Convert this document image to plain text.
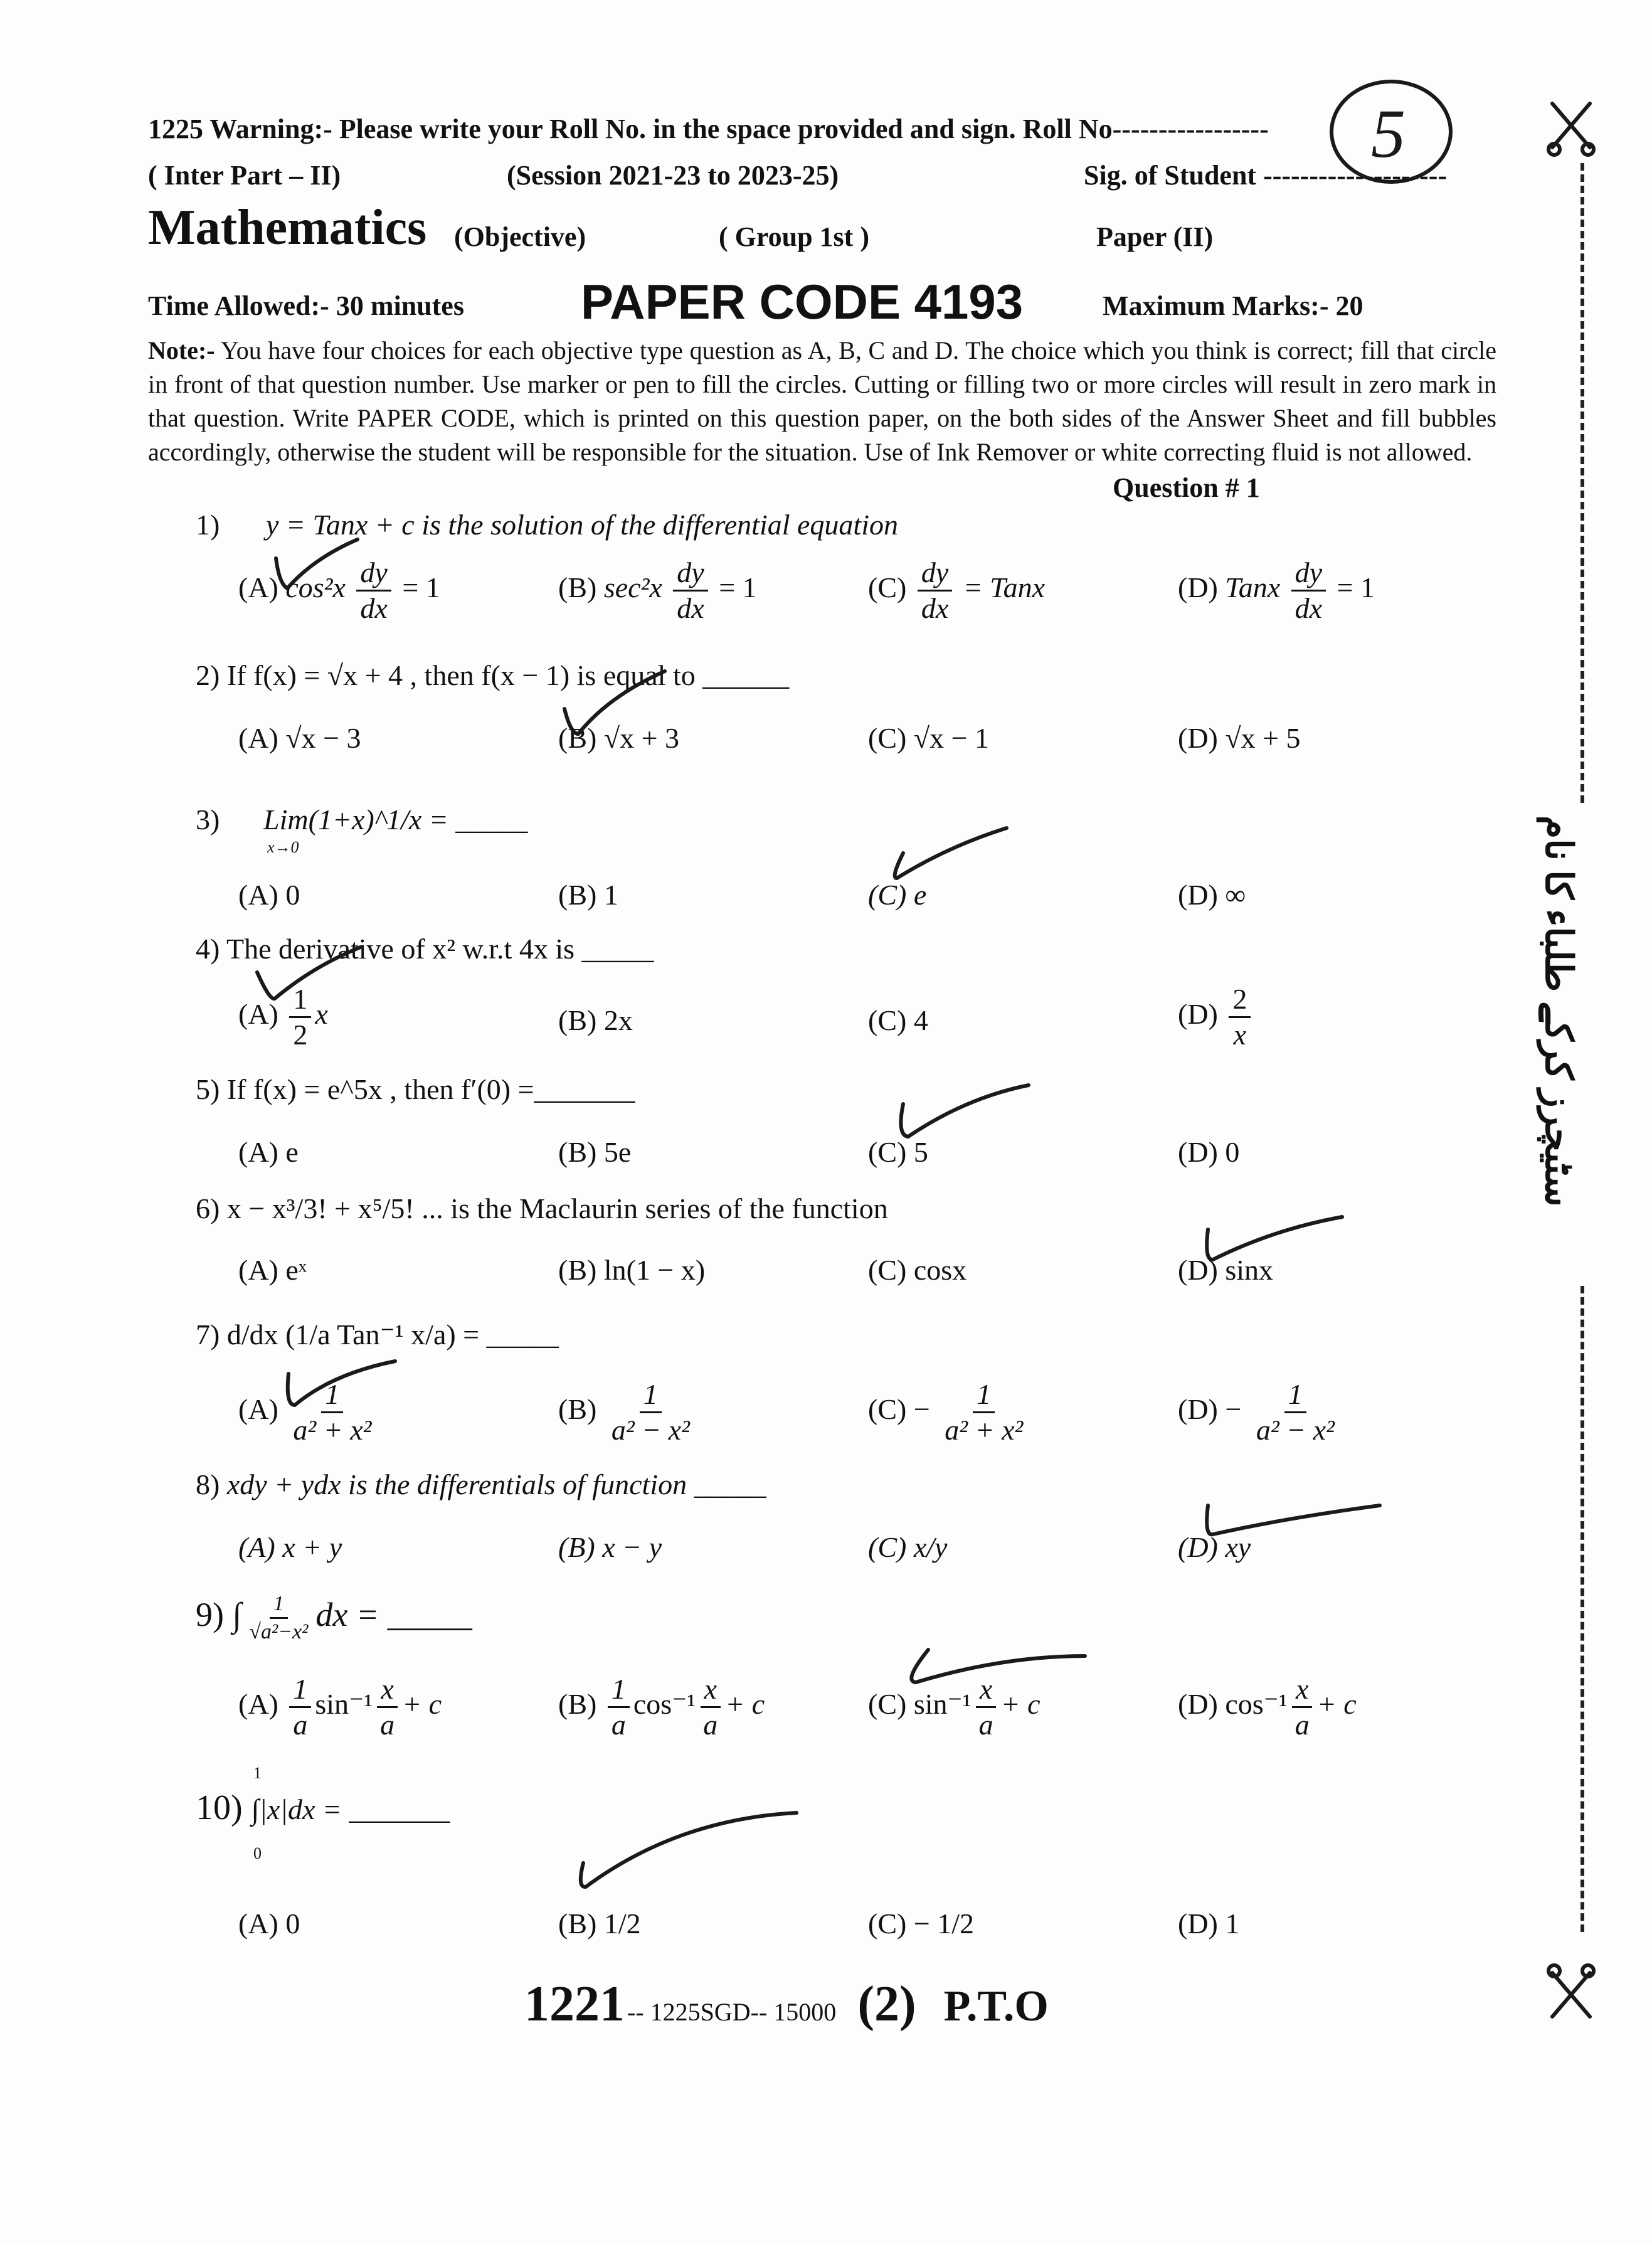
1225 Warning:- Please write your Roll No. in the space provided and sign. Roll No-----------------
( Inter Part – II)	(Session 2021-23 to 2023-25)	Sig. of Student --------------------
Mathematics (Objective)	( Group 1st )	Paper (II)
Time Allowed:- 30 minutes PAPER CODE 4193	Maximum Marks:- 20
5
Note:- You have four choices for each objective type question as A, B, C and D. The choice which you think is correct; fill that circle in front of that question number. Use marker or pen to fill the circles. Cutting or filling two or more circles will result in zero mark in that question. Write PAPER CODE, which is printed on this question paper, on the both sides of the Answer Sheet and fill bubbles accordingly, otherwise the student will be responsible for the situation. Use of Ink Remover or white correcting fluid is not allowed.
Question # 1
1) y = Tanx + c is the solution of the differential equation
(A) $\cos^2x \frac{dy}{dx} = 1$	(B) $\sec^2x \frac{dy}{dx} = 1$	$(C) \frac{dy}{dx}$ = Tanx	(D) Tanx $\frac{dy}{dx} = 1$
2) If f(x) = √x + 4 , then f(x − 1) is equal to ______
(A) √x − 3	(B) √x + 3	(C) √x − 1	(D) √x + 5
3) Lim(1+x)^1/x = _____
x→0
(A) 0	(B) 1	(C) e	(D) ∞
4) The derivative of x² w.r.t 4x is _____
$(A) \frac{1}{2}$ x	(B) 2x	(C) 4	$(D) \frac{2}{x}$
5) If f(x) = e^5x , then f′(0) =_______
(A) e	(B) 5e	(C) 5	(D) 0
6) x − x³/3! + x⁵/5! ... is the Maclaurin series of the function
(A) eˣ	(B) ln(1 − x)	(C) cosx	(D) sinx
7) d/dx (1/a Tan⁻¹ x/a) = _____
$(A) \frac{1}{\text{a² + x²}}$	$(B) \frac{1}{\text{a² − x²}}$	$(C) - \frac{1}{\text{a² + x²}}$	$(D) - \frac{1}{\text{a² − x²}}$
8) xdy + ydx is the differentials of function _____
(A) x + y	(B) x − y	(C) x/y	(D) xy
9) ∫ $\frac{1}{\text{√a²−x²}}$ dx = _____
$(A) \frac{1}{a} \sin^{-1} \frac{x}{a} + c$	$(B) \frac{1}{a} \cos^{-1} \frac{x}{a} + c$	(C) $\sin^{-1} \frac{x}{a} + c$	(D) $\cos^{-1} \frac{x}{a} + c$
1
10) ∫|x|dx = _______
0
(A) 0	(B) 1/2	(C) − 1/2	(D) 1
1221 -- 1225SGD-- 15000 (2) P.T.O
سٹیچرز کرکے طلباء کا نام
